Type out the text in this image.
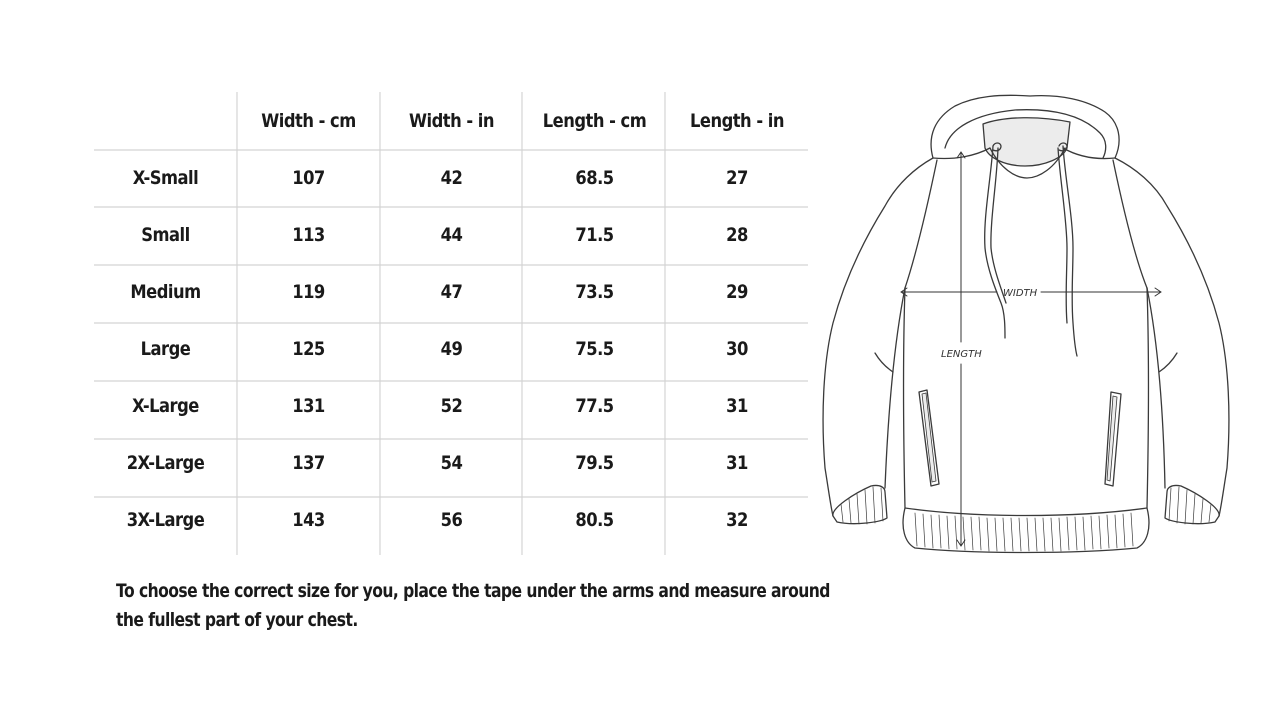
	Width - cm	Width - in	Length - cm	Length - in
X-Small	107	42	68.5	27
Small	113	44	71.5	28
Medium	119	47	73.5	29
Large	125	49	75.5	30
X-Large	131	52	77.5	31
2X-Large	137	54	79.5	31
3X-Large	143	56	80.5	32
To choose the correct size for you, place the tape under the arms and measure around
the fullest part of your chest.
WIDTH
LENGTH
